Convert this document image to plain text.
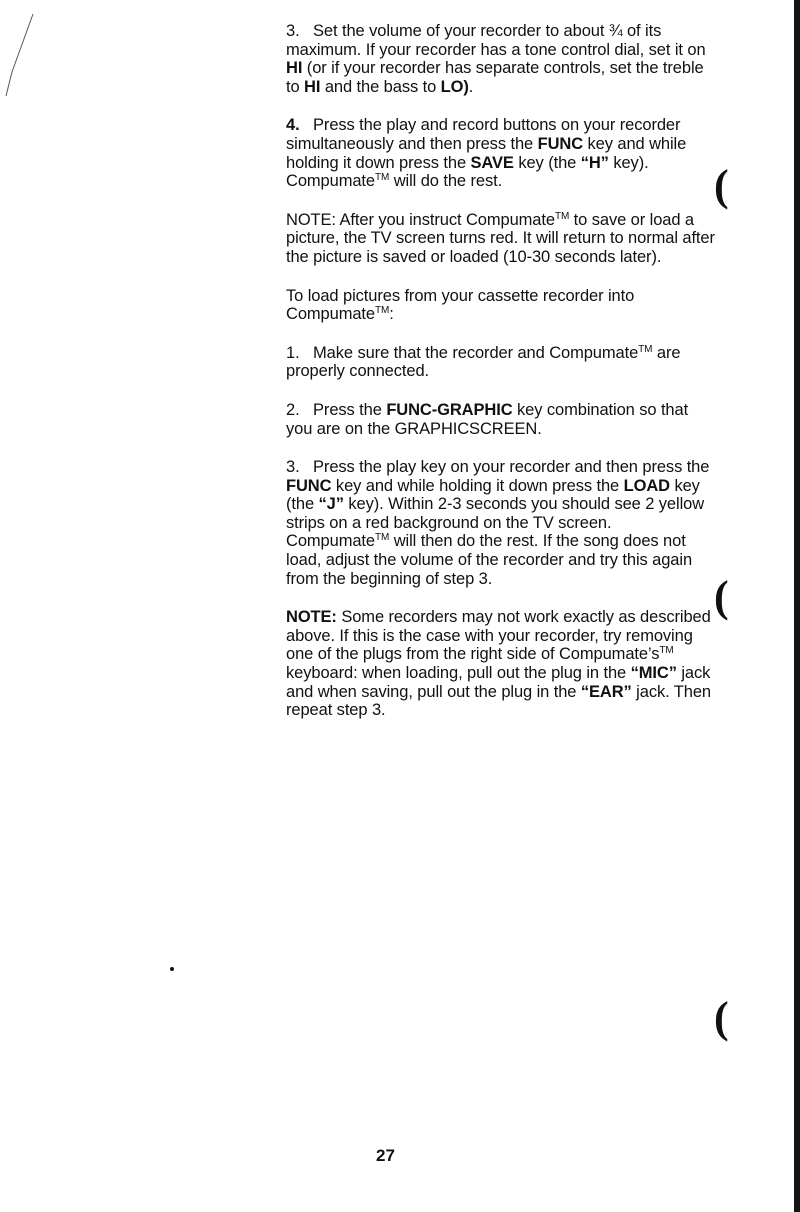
3. Set the volume of your recorder to about ¾ of its maximum. If your recorder has a tone control dial, set it on HI (or if your recorder has separate controls, set the treble to HI and the bass to LO).

4. Press the play and record buttons on your recorder simultaneously and then press the FUNC key and while holding it down press the SAVE key (the “H” key). Compumate™ will do the rest.

NOTE: After you instruct Compumate™ to save or load a picture, the TV screen turns red. It will return to normal after the picture is saved or loaded (10-30 seconds later).

To load pictures from your cassette recorder into Compumate™:

1. Make sure that the recorder and Compumate™ are properly connected.

2. Press the FUNC-GRAPHIC key combination so that you are on the GRAPHICSCREEN.

3. Press the play key on your recorder and then press the FUNC key and while holding it down press the LOAD key (the “J” key). Within 2-3 seconds you should see 2 yellow strips on a red background on the TV screen. Compumate™ will then do the rest. If the song does not load, adjust the volume of the recorder and try this again from the beginning of step 3.

NOTE: Some recorders may not work exactly as described above. If this is the case with your recorder, try removing one of the plugs from the right side of Compumate’s™ keyboard: when loading, pull out the plug in the “MIC” jack and when saving, pull out the plug in the “EAR” jack. Then repeat step 3.

(
(
(
27
